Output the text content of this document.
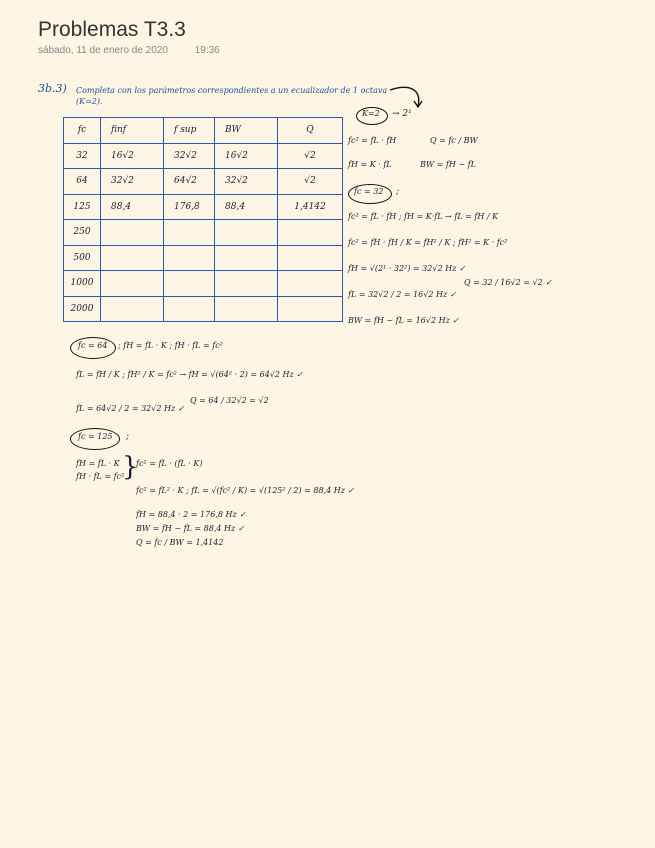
Problemas T3.3
sábado, 11 de enero de 2020	19:36
3b.3) Completa con los parámetros correspondientes a un ecualizador de 1 octava
(K=2).
fc	finf	f sup	BW	Q
32	16√2	32√2	16√2	√2
64	32√2	64√2	32√2	√2
125	88,4	176,8	88,4	1,4142
250				
500				
1000				
2000				
K=2 → 2¹
fc² = fL · fH	Q = fc / BW
fH = K · fL	BW = fH − fL
fc = 32 ;
fc² = fL · fH ; fH = K·fL → fL = fH / K
fc² = fH · fH / K = fH² / K ; fH² = K · fc²
fH = √(2¹ · 32²) = 32√2 Hz ✓
fL = 32√2 / 2 = 16√2 Hz ✓
Q = 32 / 16√2 = √2 ✓
BW = fH − fL = 16√2 Hz ✓
fc = 64 ; fH = fL · K ; fH · fL = fc²
fL = fH / K ; fH² / K = fc² → fH = √(64² · 2) = 64√2 Hz ✓
fL = 64√2 / 2 = 32√2 Hz ✓
Q = 64 / 32√2 = √2
fc = 125 ;
fH = fL · K
fH · fL = fc²
}
fc² = fL · (fL · K)
fc² = fL² · K ; fL = √(fc² / K) = √(125² / 2) = 88,4 Hz ✓
fH = 88,4 · 2 = 176,8 Hz ✓
BW = fH − fL = 88,4 Hz ✓
Q = fc / BW = 1,4142
